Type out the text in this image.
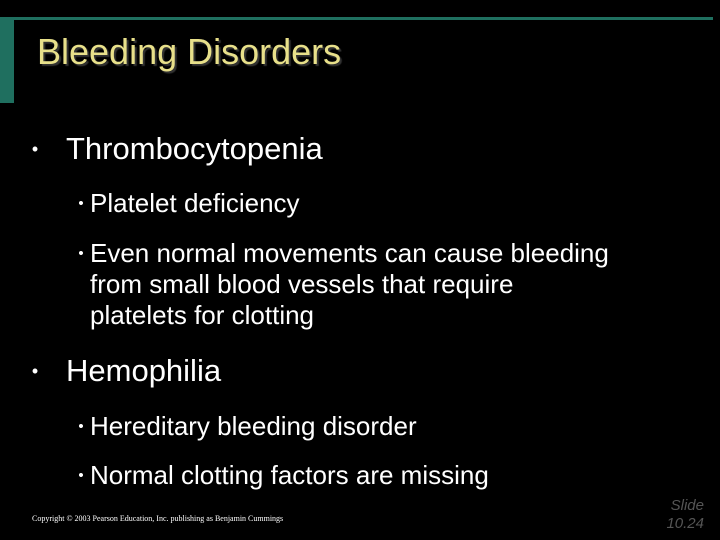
Bleeding Disorders
• Thrombocytopenia
• Platelet deficiency
• Even normal movements can cause bleeding
from small blood vessels that require
platelets for clotting
• Hemophilia
• Hereditary bleeding disorder
• Normal clotting factors are missing
Copyright © 2003 Pearson Education, Inc. publishing as Benjamin Cummings
Slide
10.24
